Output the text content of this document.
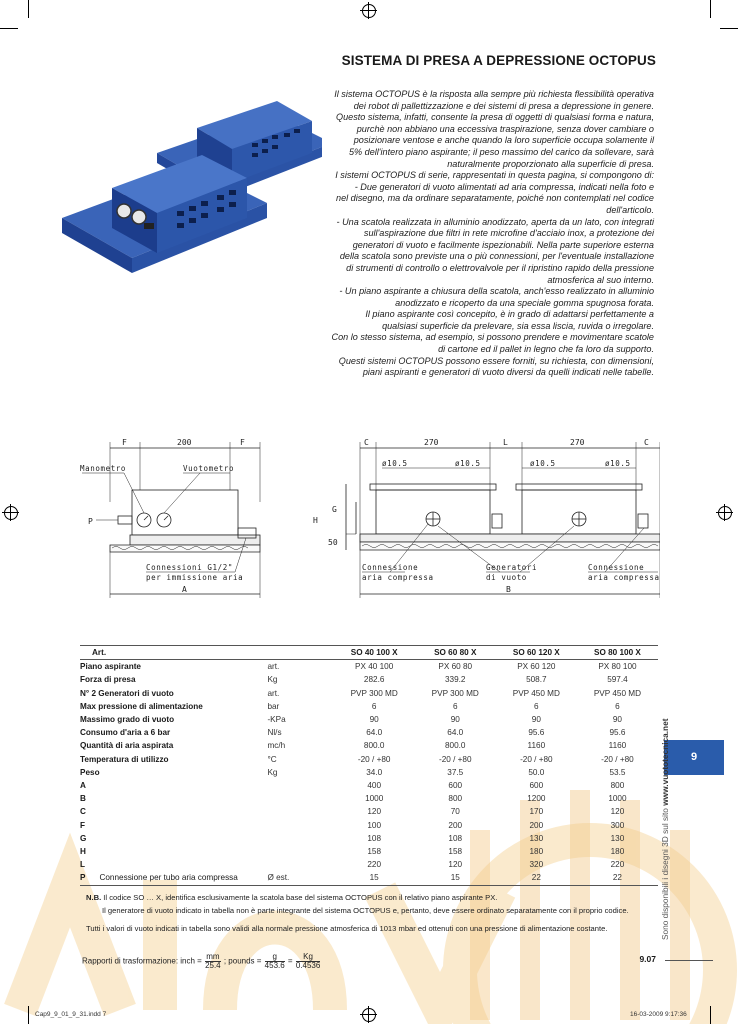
SISTEMA DI PRESA A DEPRESSIONE OCTOPUS

Il sistema OCTOPUS è la risposta alla sempre più richiesta flessibilità operativa

dei robot di pallettizzazione e dei sistemi di presa a depressione in genere.

Questo sistema, infatti, consente la presa di oggetti di qualsiasi forma e natura,

purchè non abbiano una eccessiva traspirazione, senza dover cambiare o

posizionare ventose e anche quando la loro superficie occupa solamente il

5% dell'intero piano aspirante; il peso massimo del carico da sollevare, sarà

naturalmente proporzionato alla superficie di presa.

I sistemi OCTOPUS di serie, rappresentati in questa pagina, si compongono di:

- Due generatori di vuoto alimentati ad aria compressa, indicati nella foto e

nel disegno, ma da ordinare separatamente, poiché non contemplati nel codice

dell'articolo.

- Una scatola realizzata in alluminio anodizzato, aperta da un lato, con integrati

sull'aspirazione due filtri in rete microfine d'acciaio inox, a protezione dei

generatori di vuoto e facilmente ispezionabili. Nella parte superiore esterna

della scatola sono previste una o più connessioni, per l'eventuale installazione

di strumenti di controllo o elettrovalvole per il ripristino rapido della pressione

atmosferica al suo interno.

- Un piano aspirante a chiusura della scatola, anch'esso realizzato in alluminio

anodizzato e ricoperto da una speciale gomma spugnosa forata.

Il piano aspirante così concepito, è in grado di adattarsi perfettamente a

qualsiasi superficie da prelevare, sia essa liscia, ruvida o irregolare.

Con lo stesso sistema, ad esempio, si possono prendere e movimentare scatole

di cartone ed il pallet in legno che fa loro da supporto.

Questi sistemi OCTOPUS possono essere forniti, su richiesta, con dimensioni,

piani aspiranti e generatori di vuoto diversi da quelli indicati nelle tabelle.

F	200	F
Manometro	Vuotometro
P
Connessioni G1/2"
per immissione aria
A
C	270	L	270	C
ø10.5	ø10.5	ø10.5	ø10.5
H
G
50
Connessione
aria compressa
Generatori
di vuoto
Connessione
aria compressa
B
Art.		SO 40 100 X	SO 60 80 X	SO 60 120 X	SO 80 100 X
Piano aspirante	art.	PX 40 100	PX 60 80	PX 60 120	PX 80 100
Forza di presa	Kg	282.6	339.2	508.7	597.4
N° 2 Generatori di vuoto	art.	PVP 300 MD	PVP 300 MD	PVP 450 MD	PVP 450 MD
Max pressione di alimentazione	bar	6	6	6	6
Massimo grado di vuoto	-KPa	90	90	90	90
Consumo d'aria a 6 bar	Nl/s	64.0	64.0	95.6	95.6
Quantità di aria aspirata	mc/h	800.0	800.0	1160	1160
Temperatura di utilizzo	°C	-20 / +80	-20 / +80	-20 / +80	-20 / +80
Peso	Kg	34.0	37.5	50.0	53.5
A		400	600	600	800
B		1000	800	1200	1000
C		120	70	170	120
F		100	200	200	300
G		108	108	130	130
H		158	158	180	180
L		220	120	320	220
P Connessione per tubo aria compressa	Ø est.	15	15	22	22

N.B. Il codice SO … X, identifica esclusivamente la scatola base del sistema OCTOPUS con il relativo piano aspirante PX.

Il generatore di vuoto indicato in tabella non è parte integrante del sistema OCTOPUS e, pertanto, deve essere ordinato separatamente con il proprio codice.

Tutti i valori di vuoto indicati in tabella sono validi alla normale pressione atmosferica di 1013 mbar ed ottenuti con una pressione di alimentazione costante.

Rapporti di trasformazione: inch = $\frac{mm}{25.4}$ ; pounds = $\frac{g}{453.6} = \frac{Kg}{0.4536}$	9.07
9
Sono disponibili i disegni 3D sul sito www.vuototecnica.net
Cap9_9_01_9_31.indd 7	16-03-2009 9:17:36
